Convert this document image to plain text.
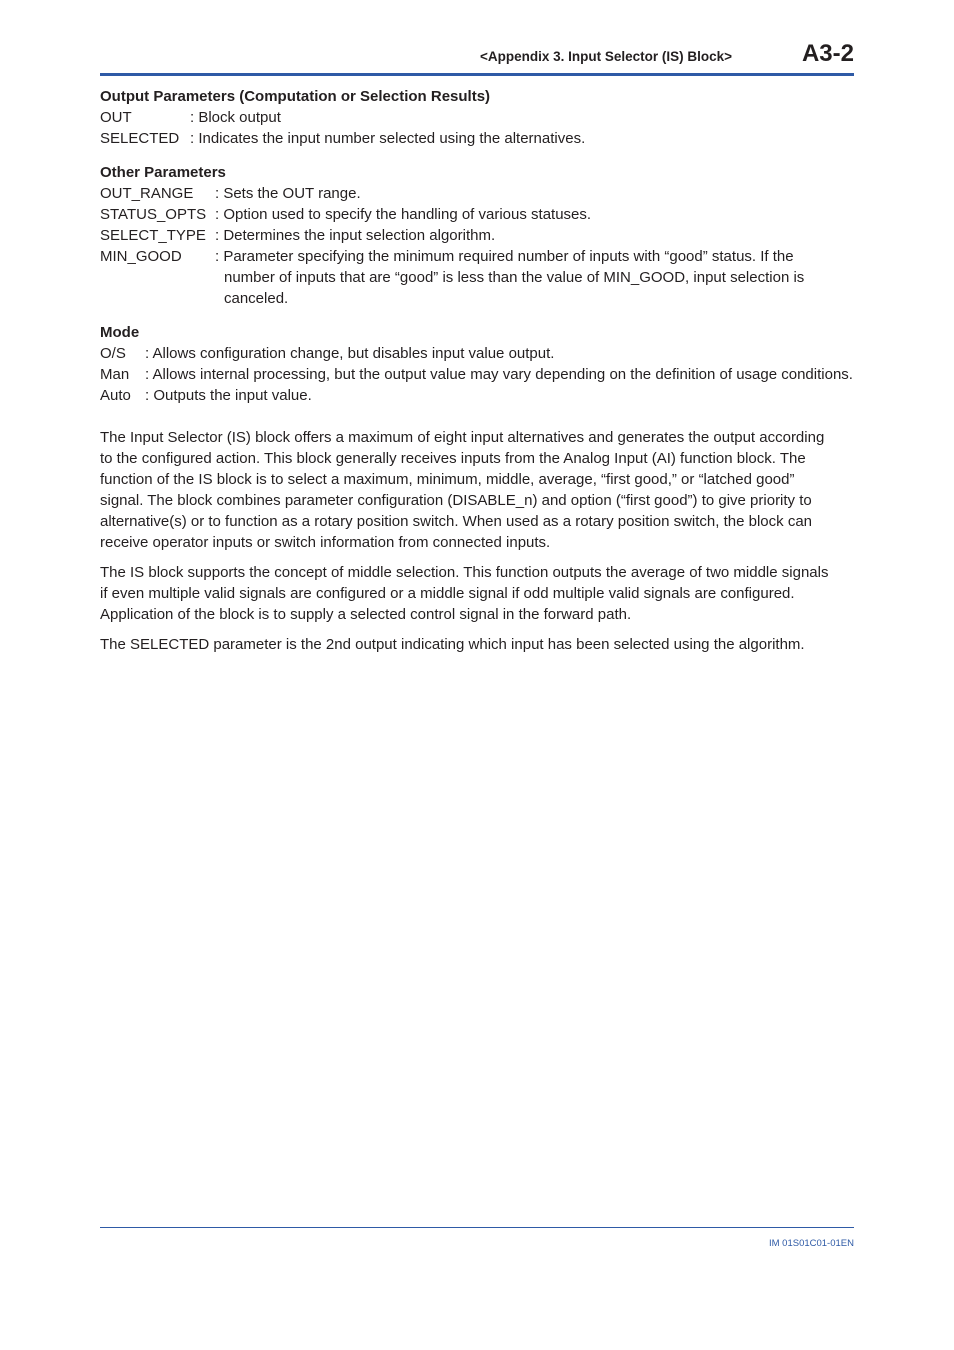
<Appendix 3. Input Selector (IS) Block>	A3-2
Output Parameters (Computation or Selection Results)
OUT	: Block output
SELECTED : Indicates the input number selected using the alternatives.
Other Parameters
OUT_RANGE	: Sets the OUT range.
STATUS_OPTS : Option used to specify the handling of various statuses.
SELECT_TYPE : Determines the input selection algorithm.
MIN_GOOD	: Parameter specifying the minimum required number of inputs with “good” status. If the
number of inputs that are “good” is less than the value of MIN_GOOD, input selection is
canceled.
Mode
O/S	: Allows configuration change, but disables input value output.
Man	: Allows internal processing, but the output value may vary depending on the definition of usage conditions.
Auto : Outputs the input value.

The Input Selector (IS) block offers a maximum of eight input alternatives and generates the output according
to the configured action. This block generally receives inputs from the Analog Input (AI) function block. The
function of the IS block is to select a maximum, minimum, middle, average, “first good,” or “latched good”
signal. The block combines parameter configuration (DISABLE_n) and option (“first good”) to give priority to
alternative(s) or to function as a rotary position switch. When used as a rotary position switch, the block can
receive operator inputs or switch information from connected inputs.

The IS block supports the concept of middle selection. This function outputs the average of two middle signals
if even multiple valid signals are configured or a middle signal if odd multiple valid signals are configured.
Application of the block is to supply a selected control signal in the forward path.

The SELECTED parameter is the 2nd output indicating which input has been selected using the algorithm.

IM 01S01C01-01EN
